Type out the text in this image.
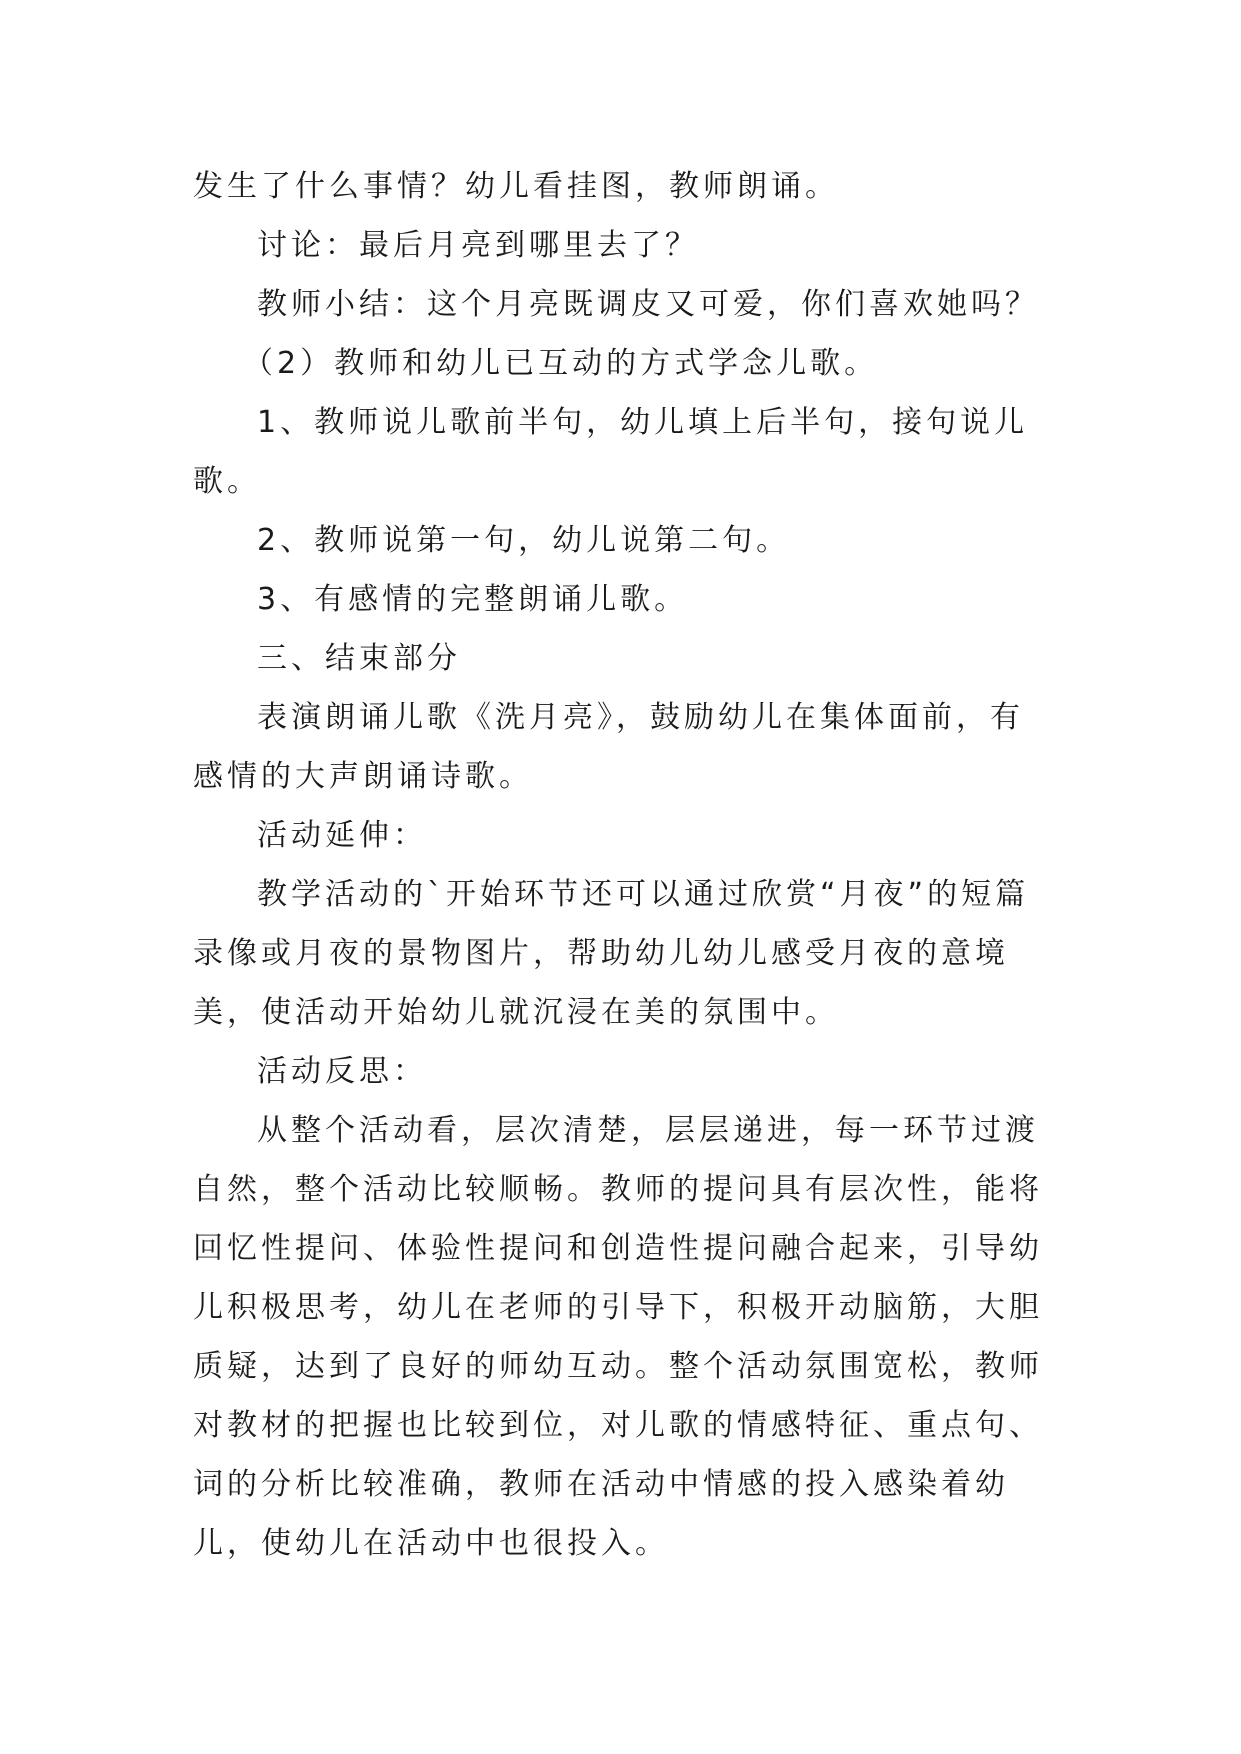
发生了什么事情？幼儿看挂图，教师朗诵。

讨论：最后月亮到哪里去了？

教师小结：这个月亮既调皮又可爱，你们喜欢她吗？

（2）教师和幼儿已互动的方式学念儿歌。

1、教师说儿歌前半句，幼儿填上后半句，接句说儿歌。

2、教师说第一句，幼儿说第二句。

3、有感情的完整朗诵儿歌。

三、结束部分

表演朗诵儿歌《洗月亮》，鼓励幼儿在集体面前，有感情的大声朗诵诗歌。

活动延伸：

教学活动的`开始环节还可以通过欣赏“月夜”的短篇录像或月夜的景物图片，帮助幼儿幼儿感受月夜的意境美，使活动开始幼儿就沉浸在美的氛围中。

活动反思：

从整个活动看，层次清楚，层层递进，每一环节过渡自然，整个活动比较顺畅。教师的提问具有层次性，能将回忆性提问、体验性提问和创造性提问融合起来，引导幼儿积极思考，幼儿在老师的引导下，积极开动脑筋，大胆质疑，达到了良好的师幼互动。整个活动氛围宽松，教师对教材的把握也比较到位，对儿歌的情感特征、重点句、词的分析比较准确，教师在活动中情感的投入感染着幼儿，使幼儿在活动中也很投入。
